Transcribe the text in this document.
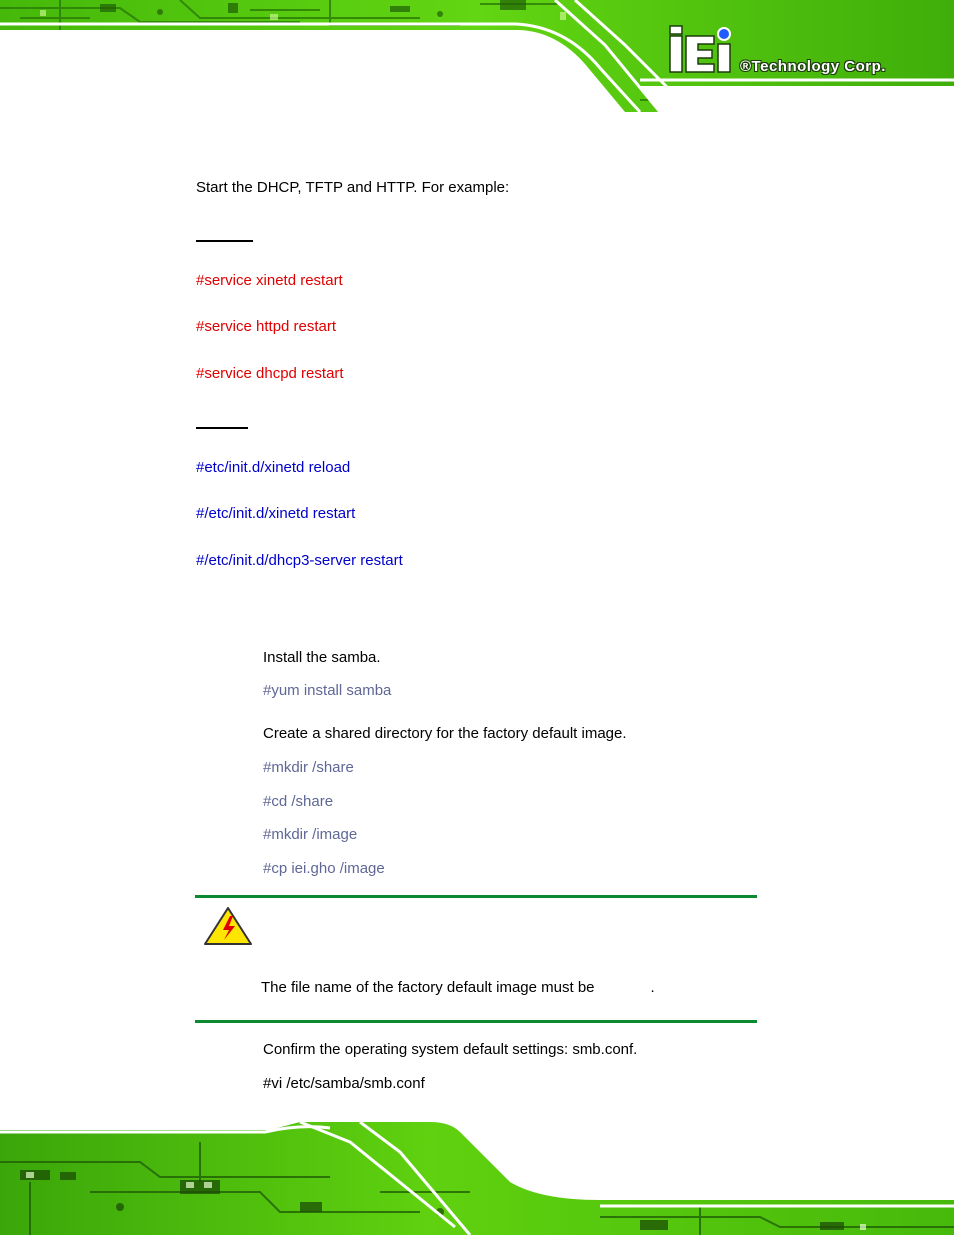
®Technology Corp.
Start the DHCP, TFTP and HTTP. For example:
#service xinetd restart
#service httpd restart
#service dhcpd restart
#etc/init.d/xinetd reload
#/etc/init.d/xinetd restart
#/etc/init.d/dhcp3-server restart
Install the samba.
#yum install samba
Create a shared directory for the factory default image.
#mkdir /share
#cd /share
#mkdir /image
#cp iei.gho /image
The file name of the factory default image must be	.
Confirm the operating system default settings: smb.conf.
#vi /etc/samba/smb.conf
